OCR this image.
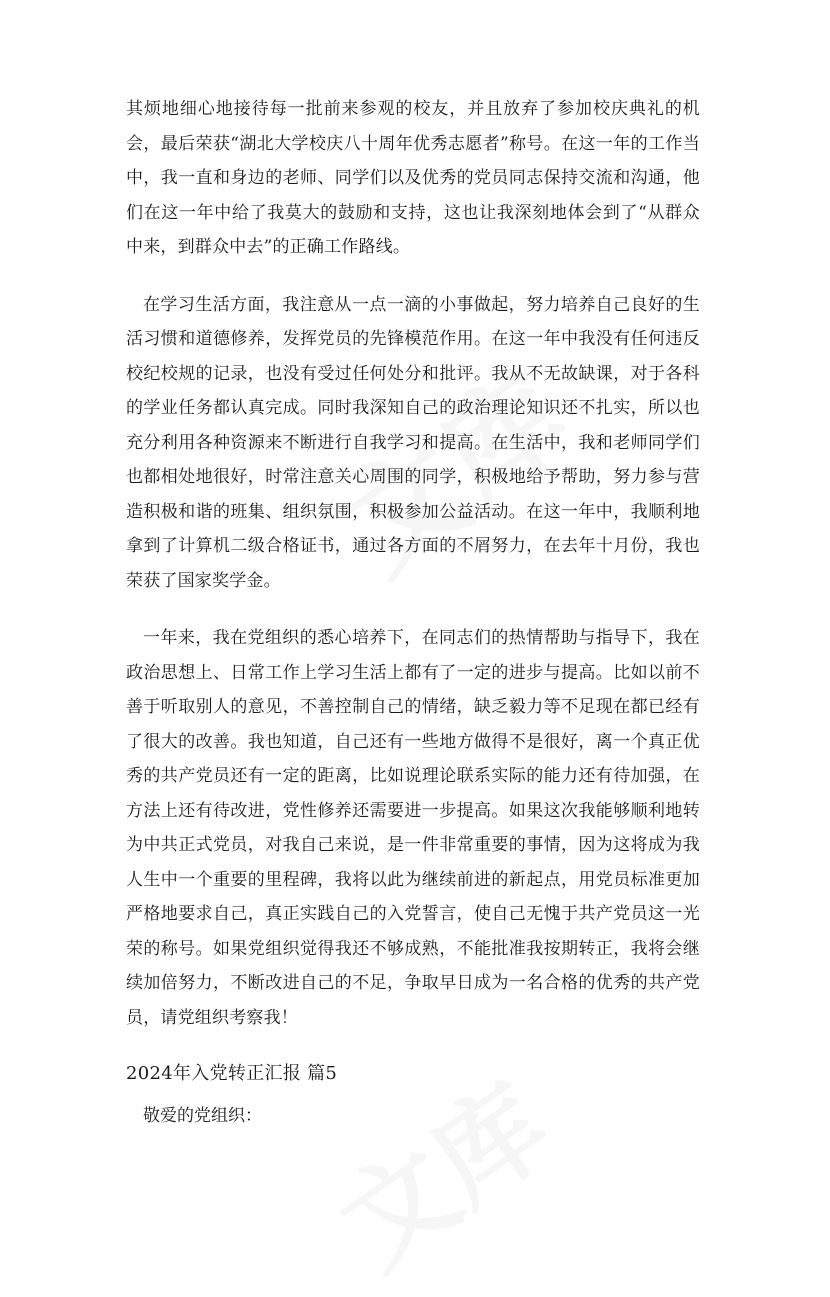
其烦地细心地接待每一批前来参观的校友，并且放弃了参加校庆典礼的机会，最后荣获“湖北大学校庆八十周年优秀志愿者”称号。在这一年的工作当中，我一直和身边的老师、同学们以及优秀的党员同志保持交流和沟通，他们在这一年中给了我莫大的鼓励和支持，这也让我深刻地体会到了“从群众中来，到群众中去”的正确工作路线。

在学习生活方面，我注意从一点一滴的小事做起，努力培养自己良好的生活习惯和道德修养，发挥党员的先锋模范作用。在这一年中我没有任何违反校纪校规的记录，也没有受过任何处分和批评。我从不无故缺课，对于各科的学业任务都认真完成。同时我深知自己的政治理论知识还不扎实，所以也充分利用各种资源来不断进行自我学习和提高。在生活中，我和老师同学们也都相处地很好，时常注意关心周围的同学，积极地给予帮助，努力参与营造积极和谐的班集、组织氛围，积极参加公益活动。在这一年中，我顺利地拿到了计算机二级合格证书，通过各方面的不屑努力，在去年十月份，我也荣获了国家奖学金。

一年来，我在党组织的悉心培养下，在同志们的热情帮助与指导下，我在政治思想上、日常工作上学习生活上都有了一定的进步与提高。比如以前不善于听取别人的意见，不善控制自己的情绪，缺乏毅力等不足现在都已经有了很大的改善。我也知道，自己还有一些地方做得不是很好，离一个真正优秀的共产党员还有一定的距离，比如说理论联系实际的能力还有待加强，在方法上还有待改进，党性修养还需要进一步提高。如果这次我能够顺利地转为中共正式党员，对我自己来说，是一件非常重要的事情，因为这将成为我人生中一个重要的里程碑，我将以此为继续前进的新起点，用党员标准更加严格地要求自己，真正实践自己的入党誓言，使自己无愧于共产党员这一光荣的称号。如果党组织觉得我还不够成熟，不能批准我按期转正，我将会继续加倍努力，不断改进自己的不足，争取早日成为一名合格的优秀的共产党员，请党组织考察我！

2024年入党转正汇报 篇5

敬爱的党组织：
